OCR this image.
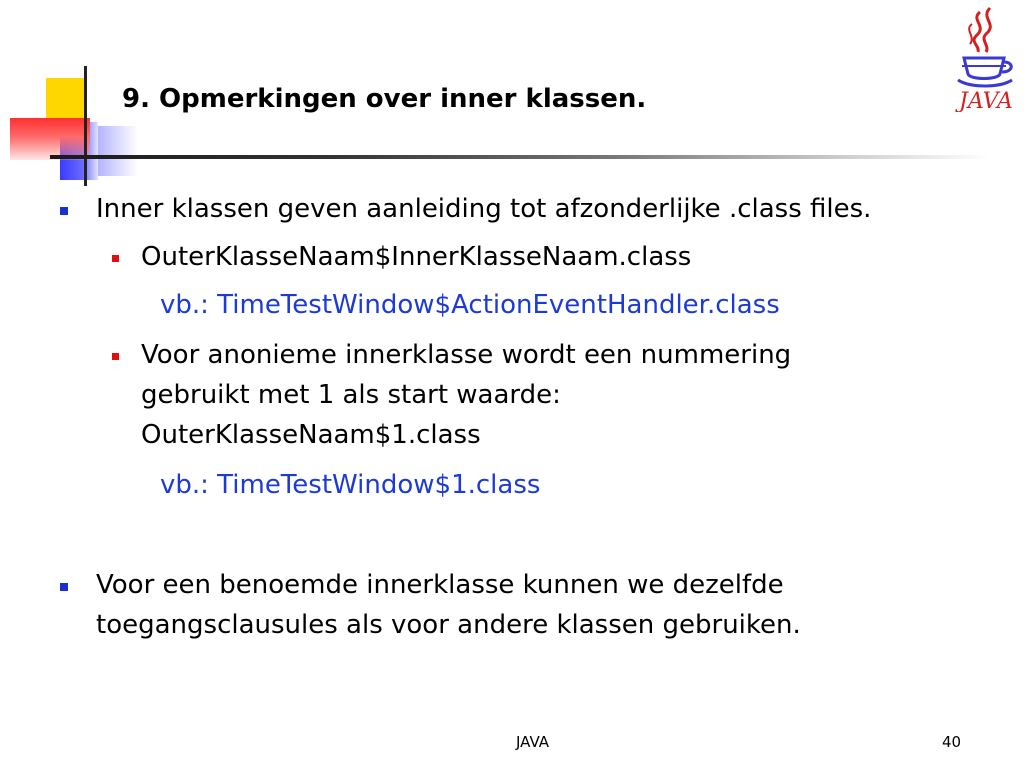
9. Opmerkingen over inner klassen.	JAVA
Inner klassen geven aanleiding tot afzonderlijke .class files.
OuterKlasseNaam$InnerKlasseNaam.class
vb.: TimeTestWindow$ActionEventHandler.class
Voor anonieme innerklasse wordt een nummering
gebruikt met 1 als start waarde:
OuterKlasseNaam$1.class
vb.: TimeTestWindow$1.class
Voor een benoemde innerklasse kunnen we dezelfde
toegangsclausules als voor andere klassen gebruiken.
JAVA	40
